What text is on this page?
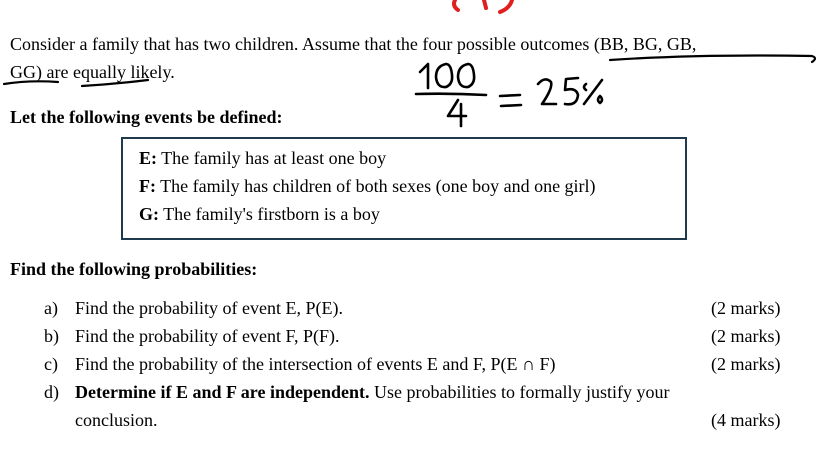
Consider a family that has two children. Assume that the four possible outcomes (BB, BG, GB,
GG) are equally likely.
Let the following events be defined:
E: The family has at least one boy
F: The family has children of both sexes (one boy and one girl)
G: The family's firstborn is a boy
Find the following probabilities:
a) Find the probability of event E, P(E).	(2 marks)
b) Find the probability of event F, P(F).	(2 marks)
c) Find the probability of the intersection of events E and F, P(E ∩ F)	(2 marks)
d) Determine if E and F are independent. Use probabilities to formally justify your
conclusion.	(4 marks)
